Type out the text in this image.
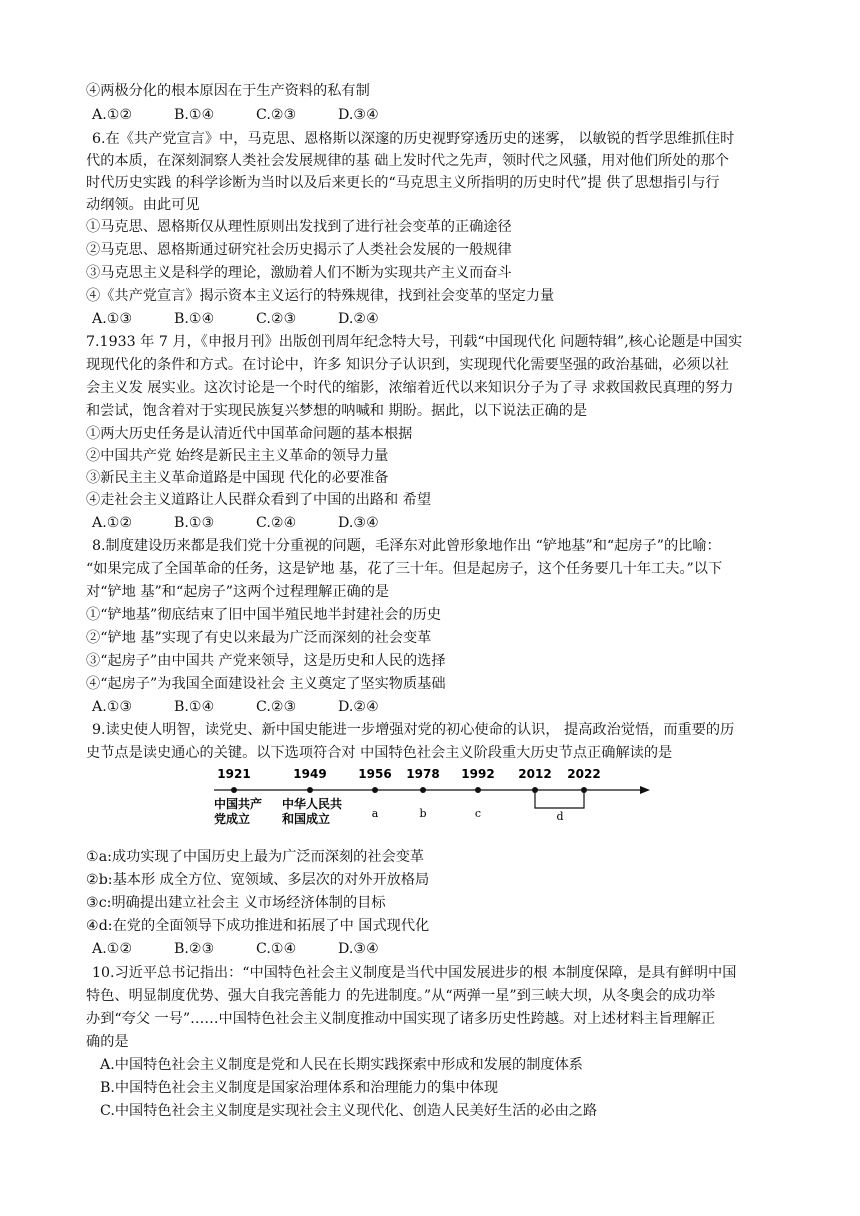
④两极分化的根本原因在于生产资料的私有制
A.①②	B.①④	C.②③	D.③④
6.在《共产党宣言》中，马克思、恩格斯以深邃的历史视野穿透历史的迷雾， 以敏锐的哲学思维抓住时
代的本质，在深刻洞察人类社会发展规律的基 础上发时代之先声，领时代之风骚，用对他们所处的那个
时代历史实践 的科学诊断为当时以及后来更长的“马克思主义所指明的历史时代”提 供了思想指引与行
动纲领。由此可见
①马克思、恩格斯仅从理性原则出发找到了进行社会变革的正确途径
②马克思、恩格斯通过研究社会历史揭示了人类社会发展的一般规律
③马克思主义是科学的理论，激励着人们不断为实现共产主义而奋斗
④《共产党宣言》揭示资本主义运行的特殊规律，找到社会变革的坚定力量
A.①③	B.①④	C.②③	D.②④
7.1933 年 7 月，《申报月刊》出版创刊周年纪念特大号，刊载“中国现代化 问题特辑”,核心论题是中国实
现现代化的条件和方式。在讨论中，许多 知识分子认识到，实现现代化需要坚强的政治基础，必须以社
会主义发 展实业。这次讨论是一个时代的缩影，浓缩着近代以来知识分子为了寻 求救国救民真理的努力
和尝试，饱含着对于实现民族复兴梦想的呐喊和 期盼。据此，以下说法正确的是
①两大历史任务是认清近代中国革命问题的基本根据
②中国共产党 始终是新民主主义革命的领导力量
③新民主主义革命道路是中国现 代化的必要准备
④走社会主义道路让人民群众看到了中国的出路和 希望
A.①②	B.①③	C.②④	D.③④
8.制度建设历来都是我们党十分重视的问题，毛泽东对此曾形象地作出 “铲地基”和“起房子”的比喻：
“如果完成了全国革命的任务，这是铲地 基，花了三十年。但是起房子，这个任务要几十年工夫。”以下
对“铲地 基”和“起房子”这两个过程理解正确的是
①“铲地基”彻底结束了旧中国半殖民地半封建社会的历史
②“铲地 基”实现了有史以来最为广泛而深刻的社会变革
③“起房子”由中国共 产党来领导，这是历史和人民的选择
④“起房子”为我国全面建设社会 主义奠定了坚实物质基础
A.①③	B.①④	C.②③	D.②④
9.读史使人明智，读党史、新中国史能进一步增强对党的初心使命的认识， 提高政治觉悟，而重要的历
史节点是读史通心的关键。以下选项符合对 中国特色社会主义阶段重大历史节点正确解读的是
1921	1949	1956 1978 1992 2012 2022
中国共产
党成立
中华人民共
和国成立	a	b	c	d
①a:成功实现了中国历史上最为广泛而深刻的社会变革
②b:基本形 成全方位、宽领域、多层次的对外开放格局
③c:明确提出建立社会主 义市场经济体制的目标
④d:在党的全面领导下成功推进和拓展了中 国式现代化
A.①②	B.②③	C.①④	D.③④
10.习近平总书记指出：“中国特色社会主义制度是当代中国发展进步的根 本制度保障，是具有鲜明中国
特色、明显制度优势、强大自我完善能力 的先进制度。”从“两弹一星”到三峡大坝，从冬奥会的成功举
办到“夸父 一号”……中国特色社会主义制度推动中国实现了诸多历史性跨越。对上述材料主旨理解正
确的是
A.中国特色社会主义制度是党和人民在长期实践探索中形成和发展的制度体系
B.中国特色社会主义制度是国家治理体系和治理能力的集中体现
C.中国特色社会主义制度是实现社会主义现代化、创造人民美好生活的必由之路
